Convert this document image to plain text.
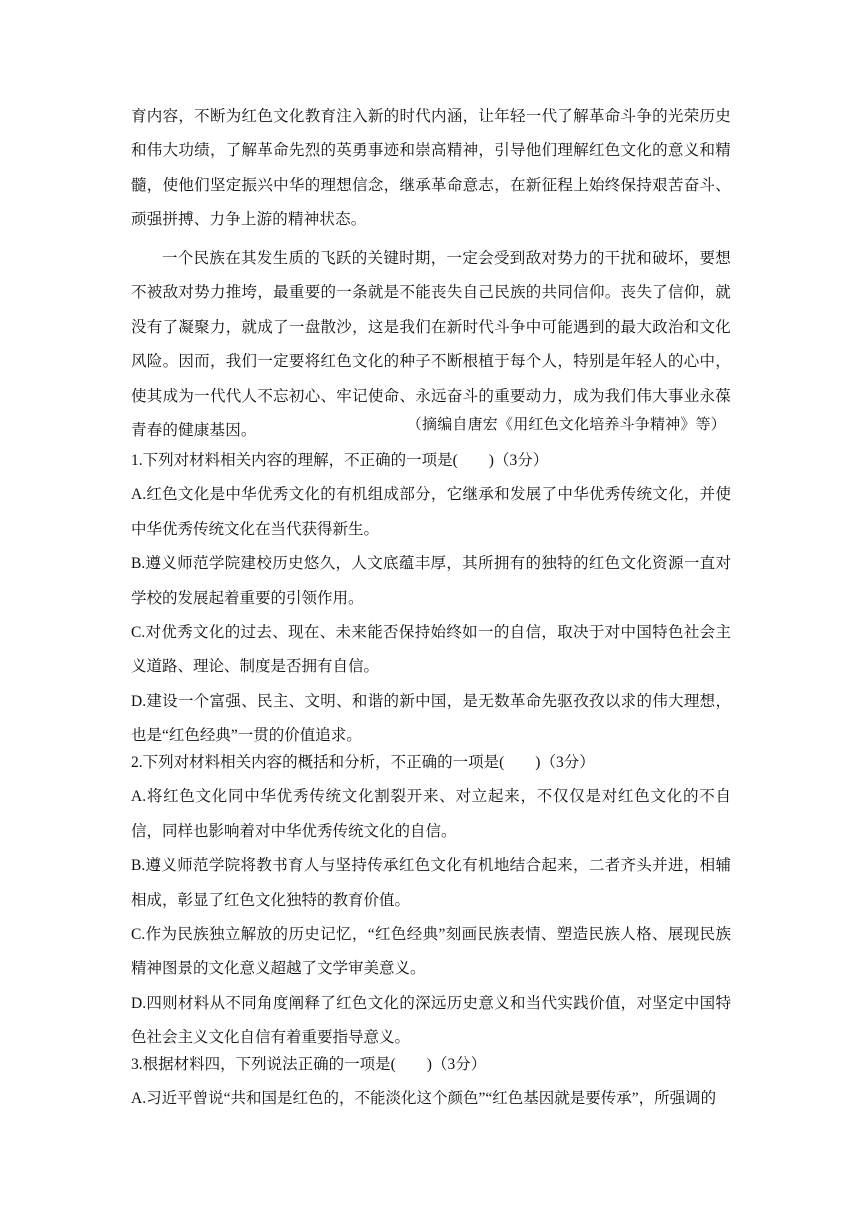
育内容，不断为红色文化教育注入新的时代内涵，让年轻一代了解革命斗争的光荣历史和伟大功绩，了解革命先烈的英勇事迹和崇高精神，引导他们理解红色文化的意义和精髓，使他们坚定振兴中华的理想信念，继承革命意志，在新征程上始终保持艰苦奋斗、顽强拼搏、力争上游的精神状态。

一个民族在其发生质的飞跃的关键时期，一定会受到敌对势力的干扰和破坏，要想不被敌对势力推垮，最重要的一条就是不能丧失自己民族的共同信仰。丧失了信仰，就没有了凝聚力，就成了一盘散沙，这是我们在新时代斗争中可能遇到的最大政治和文化风险。因而，我们一定要将红色文化的种子不断根植于每个人，特别是年轻人的心中，使其成为一代代人不忘初心、牢记使命、永远奋斗的重要动力，成为我们伟大事业永葆青春的健康基因。	（摘编自唐宏《用红色文化培养斗争精神》等）
1.下列对材料相关内容的理解，不正确的一项是(　　)（3分）
A.红色文化是中华优秀文化的有机组成部分，它继承和发展了中华优秀传统文化，并使中华优秀传统文化在当代获得新生。
B.遵义师范学院建校历史悠久，人文底蕴丰厚，其所拥有的独特的红色文化资源一直对学校的发展起着重要的引领作用。
C.对优秀文化的过去、现在、未来能否保持始终如一的自信，取决于对中国特色社会主义道路、理论、制度是否拥有自信。
D.建设一个富强、民主、文明、和谐的新中国，是无数革命先驱孜孜以求的伟大理想，也是“红色经典”一贯的价值追求。
2.下列对材料相关内容的概括和分析，不正确的一项是(　　)（3分）
A.将红色文化同中华优秀传统文化割裂开来、对立起来，不仅仅是对红色文化的不自信，同样也影响着对中华优秀传统文化的自信。
B.遵义师范学院将教书育人与坚持传承红色文化有机地结合起来，二者齐头并进，相辅相成，彰显了红色文化独特的教育价值。
C.作为民族独立解放的历史记忆，“红色经典”刻画民族表情、塑造民族人格、展现民族精神图景的文化意义超越了文学审美意义。
D.四则材料从不同角度阐释了红色文化的深远历史意义和当代实践价值，对坚定中国特色社会主义文化自信有着重要指导意义。
3.根据材料四，下列说法正确的一项是(　　)（3分）
A.习近平曾说“共和国是红色的，不能淡化这个颜色”“红色基因就是要传承”，所强调的
